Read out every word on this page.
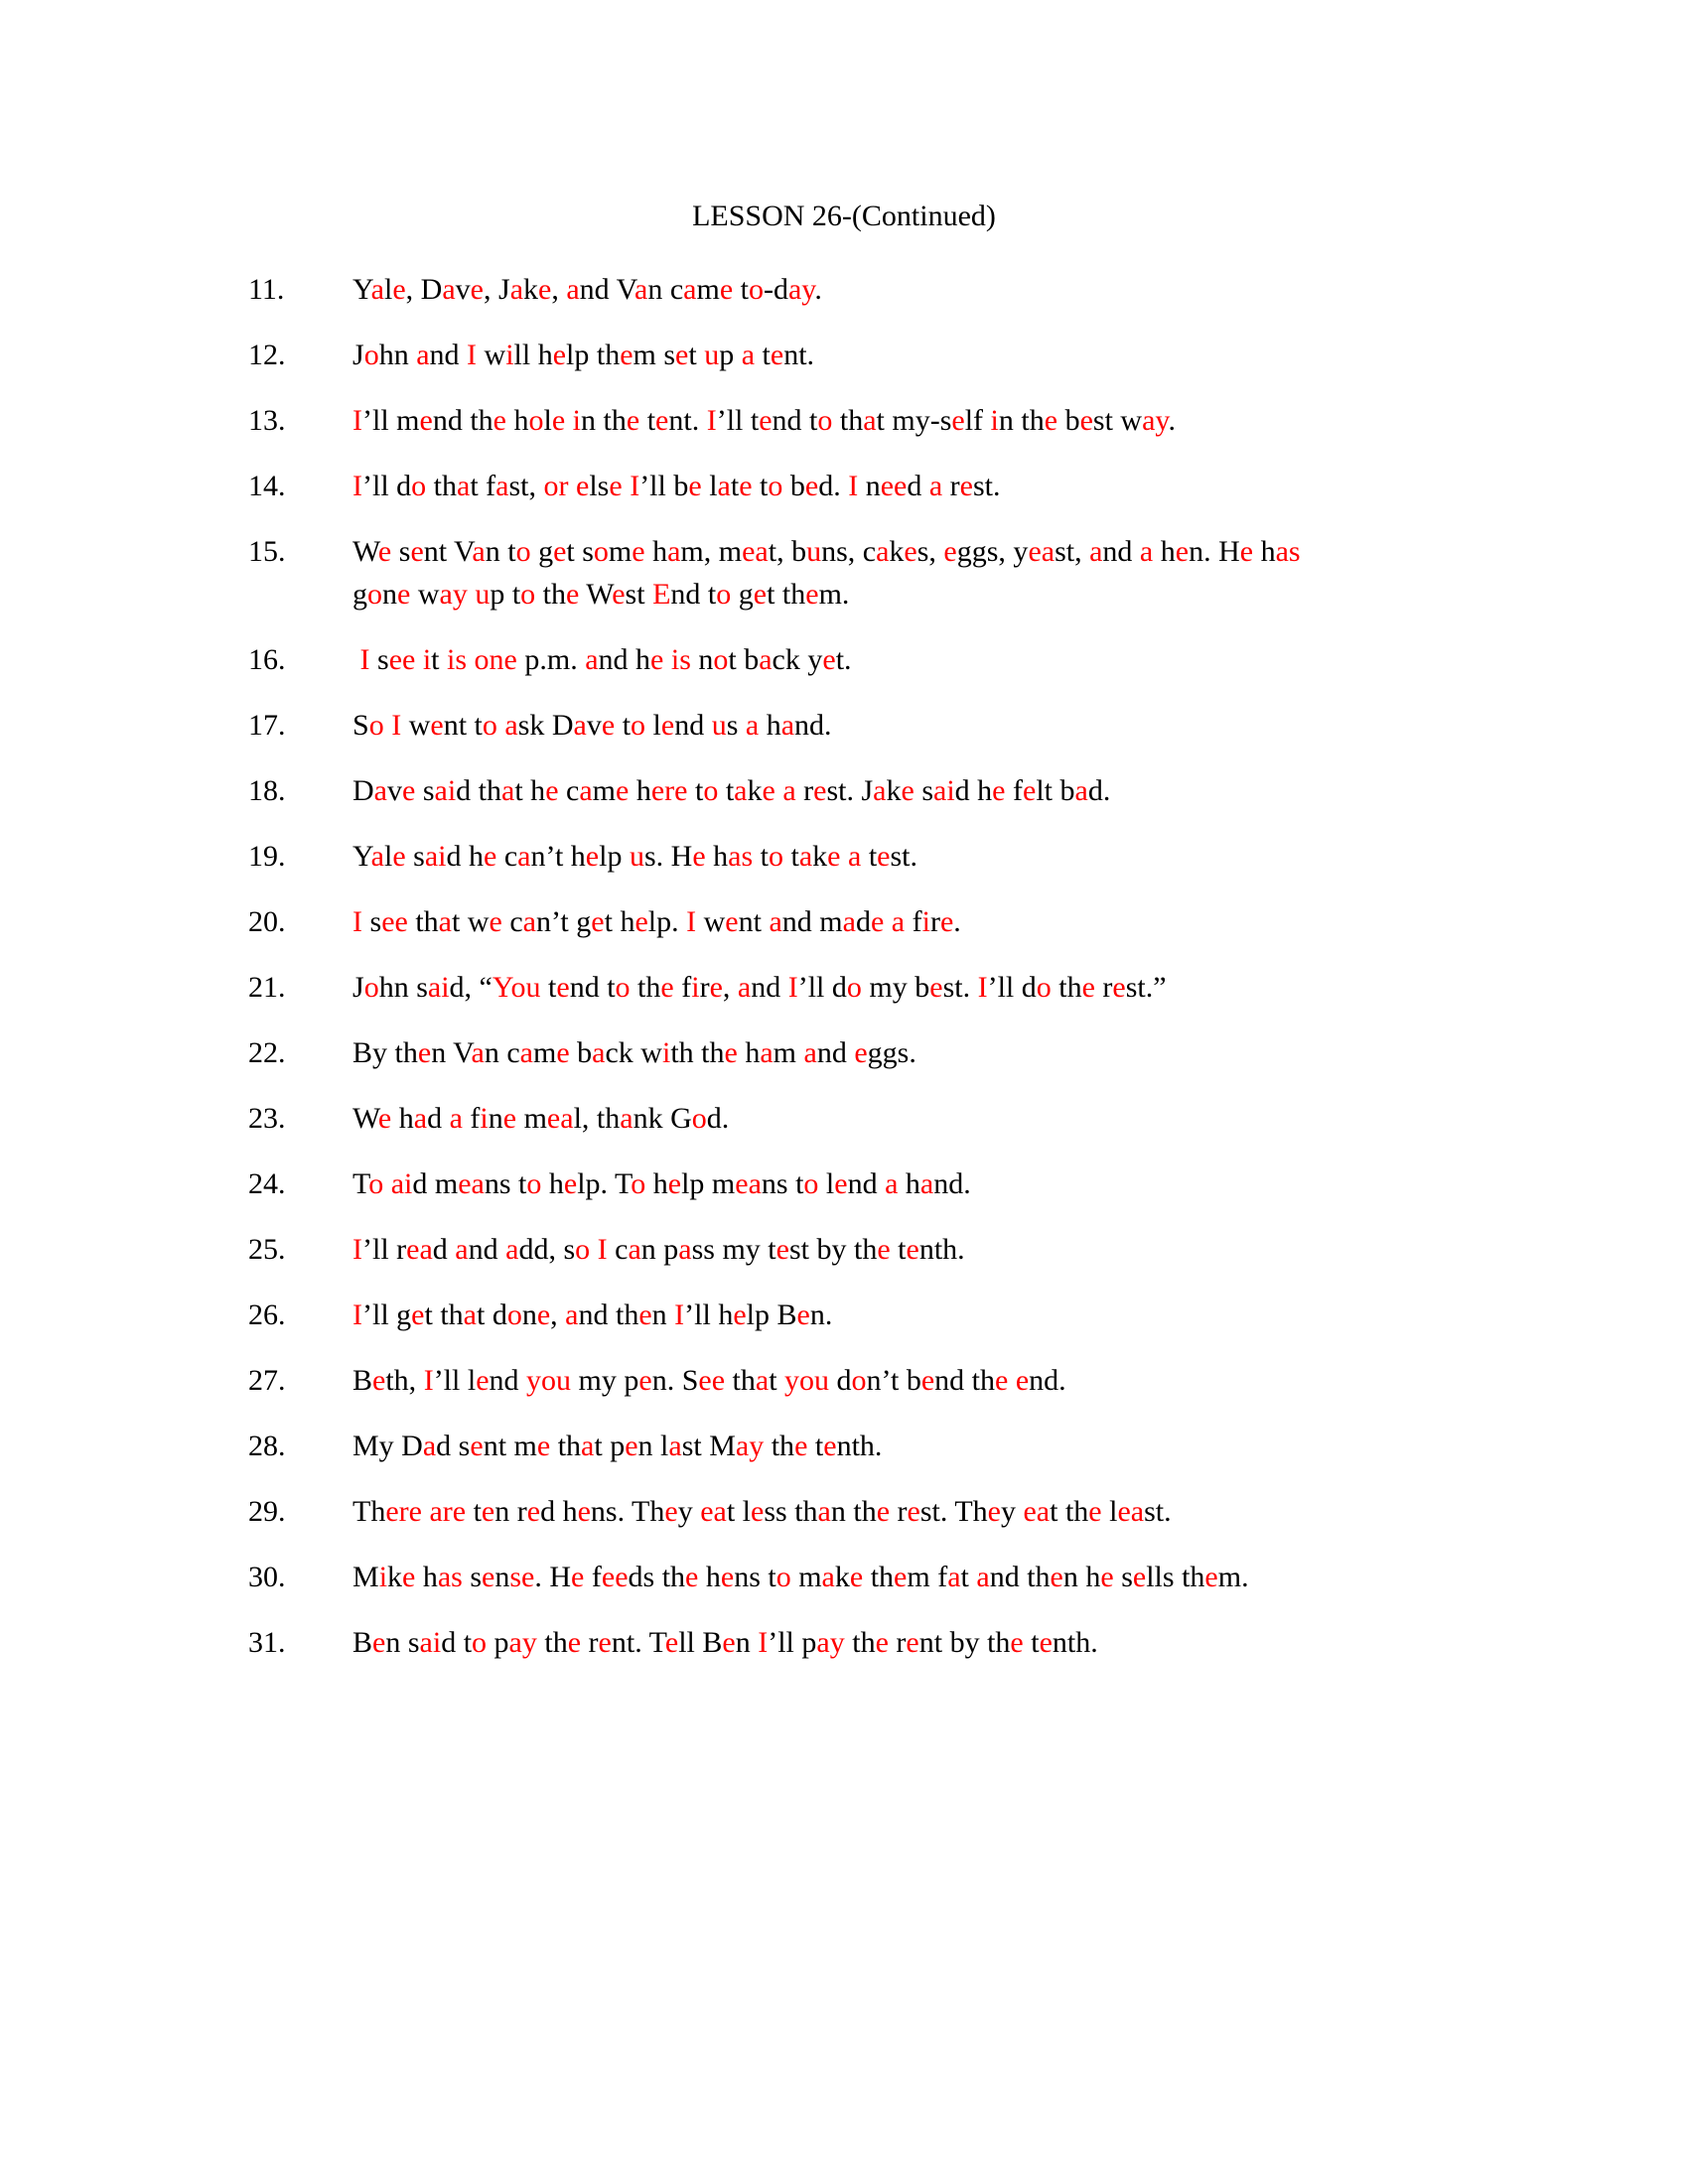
LESSON 26-(Continued)
11.	Yale, Dave, Jake, and Van came to-day.

12.	John and I will help them set up a tent.

13.	I’ll mend the hole in the tent. I’ll tend to that my-self in the best way.

14.	I’ll do that fast, or else I’ll be late to bed. I need a rest.

15.	We sent Van to get some ham, meat, buns, cakes, eggs, yeast, and a hen. He has
gone way up to the West End to get them.

16.	I see it is one p.m. and he is not back yet.

17.	So I went to ask Dave to lend us a hand.

18.	Dave said that he came here to take a rest. Jake said he felt bad.

19.	Yale said he can’t help us. He has to take a test.

20.	I see that we can’t get help. I went and made a fire.

21.	John said, “You tend to the fire, and I’ll do my best. I’ll do the rest.”

22.	By then Van came back with the ham and eggs.

23.	We had a fine meal, thank God.

24.	To aid means to help. To help means to lend a hand.

25.	I’ll read and add, so I can pass my test by the tenth.

26.	I’ll get that done, and then I’ll help Ben.

27.	Beth, I’ll lend you my pen. See that you don’t bend the end.

28.	My Dad sent me that pen last May the tenth.

29.	There are ten red hens. They eat less than the rest. They eat the least.

30.	Mike has sense. He feeds the hens to make them fat and then he sells them.

31.	Ben said to pay the rent. Tell Ben I’ll pay the rent by the tenth.
